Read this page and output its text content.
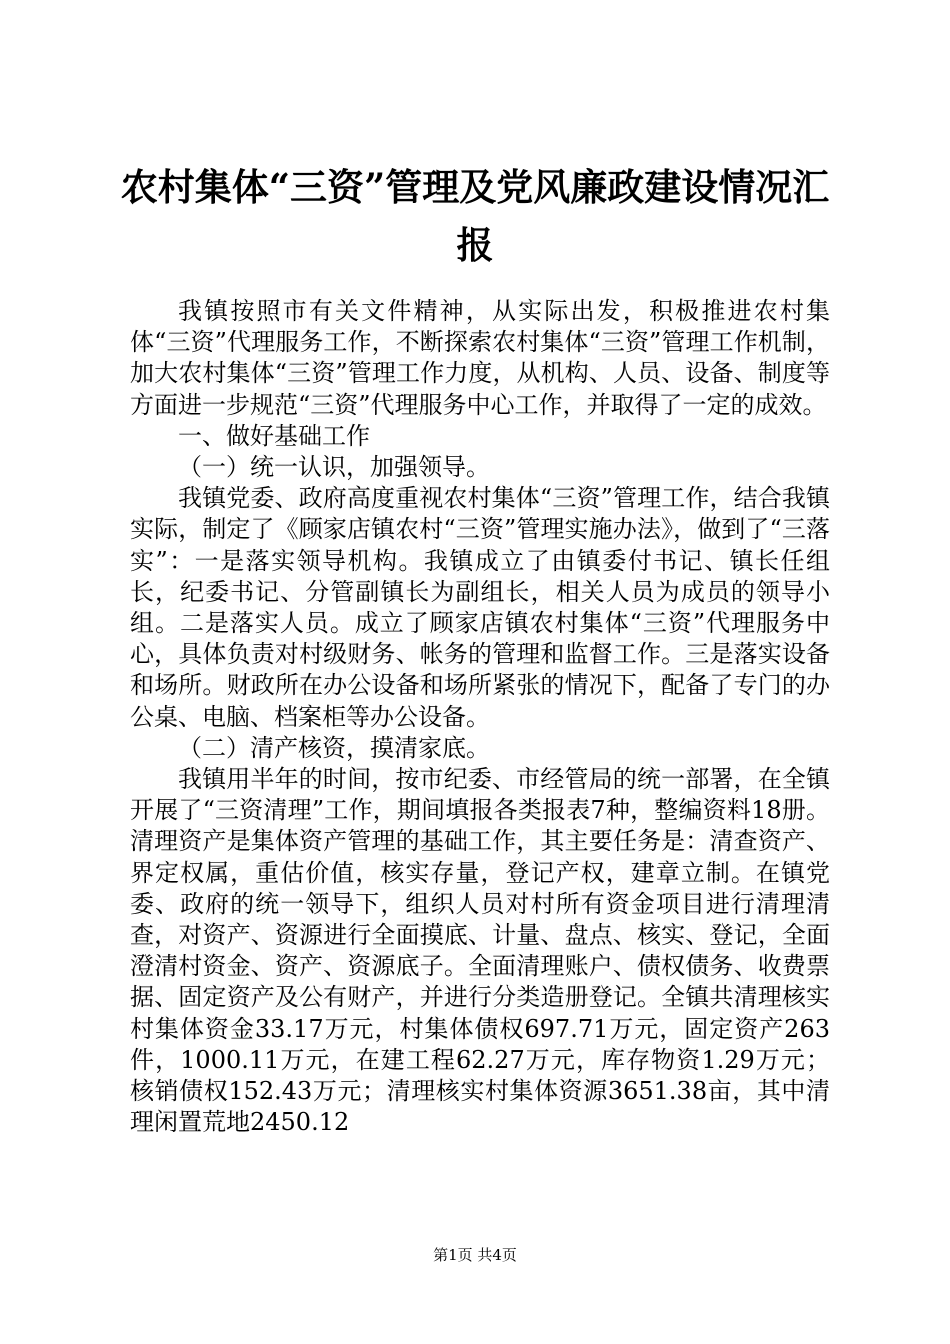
农村集体“三资”管理及党风廉政建设情况汇报

我镇按照市有关文件精神，从实际出发，积极推进农村集体“三资”代理服务工作，不断探索农村集体“三资”管理工作机制，加大农村集体“三资”管理工作力度，从机构、人员、设备、制度等方面进一步规范“三资”代理服务中心工作，并取得了一定的成效。

一、做好基础工作

（一）统一认识，加强领导。

我镇党委、政府高度重视农村集体“三资”管理工作，结合我镇实际，制定了《顾家店镇农村“三资”管理实施办法》，做到了“三落实”：一是落实领导机构。我镇成立了由镇委付书记、镇长任组长，纪委书记、分管副镇长为副组长，相关人员为成员的领导小组。二是落实人员。成立了顾家店镇农村集体“三资”代理服务中心，具体负责对村级财务、帐务的管理和监督工作。三是落实设备和场所。财政所在办公设备和场所紧张的情况下，配备了专门的办公桌、电脑、档案柜等办公设备。

（二）清产核资，摸清家底。

我镇用半年的时间，按市纪委、市经管局的统一部署，在全镇开展了“三资清理”工作，期间填报各类报表7种，整编资料18册。清理资产是集体资产管理的基础工作，其主要任务是：清查资产、界定权属，重估价值，核实存量，登记产权，建章立制。在镇党委、政府的统一领导下，组织人员对村所有资金项目进行清理清查，对资产、资源进行全面摸底、计量、盘点、核实、登记，全面澄清村资金、资产、资源底子。全面清理账户、债权债务、收费票据、固定资产及公有财产，并进行分类造册登记。全镇共清理核实村集体资金33.17万元，村集体债权697.71万元，固定资产263件，1000.11万元，在建工程62.27万元，库存物资1.29万元；核销债权152.43万元；清理核实村集体资源3651.38亩，其中清理闲置荒地2450.12

第1页 共4页
